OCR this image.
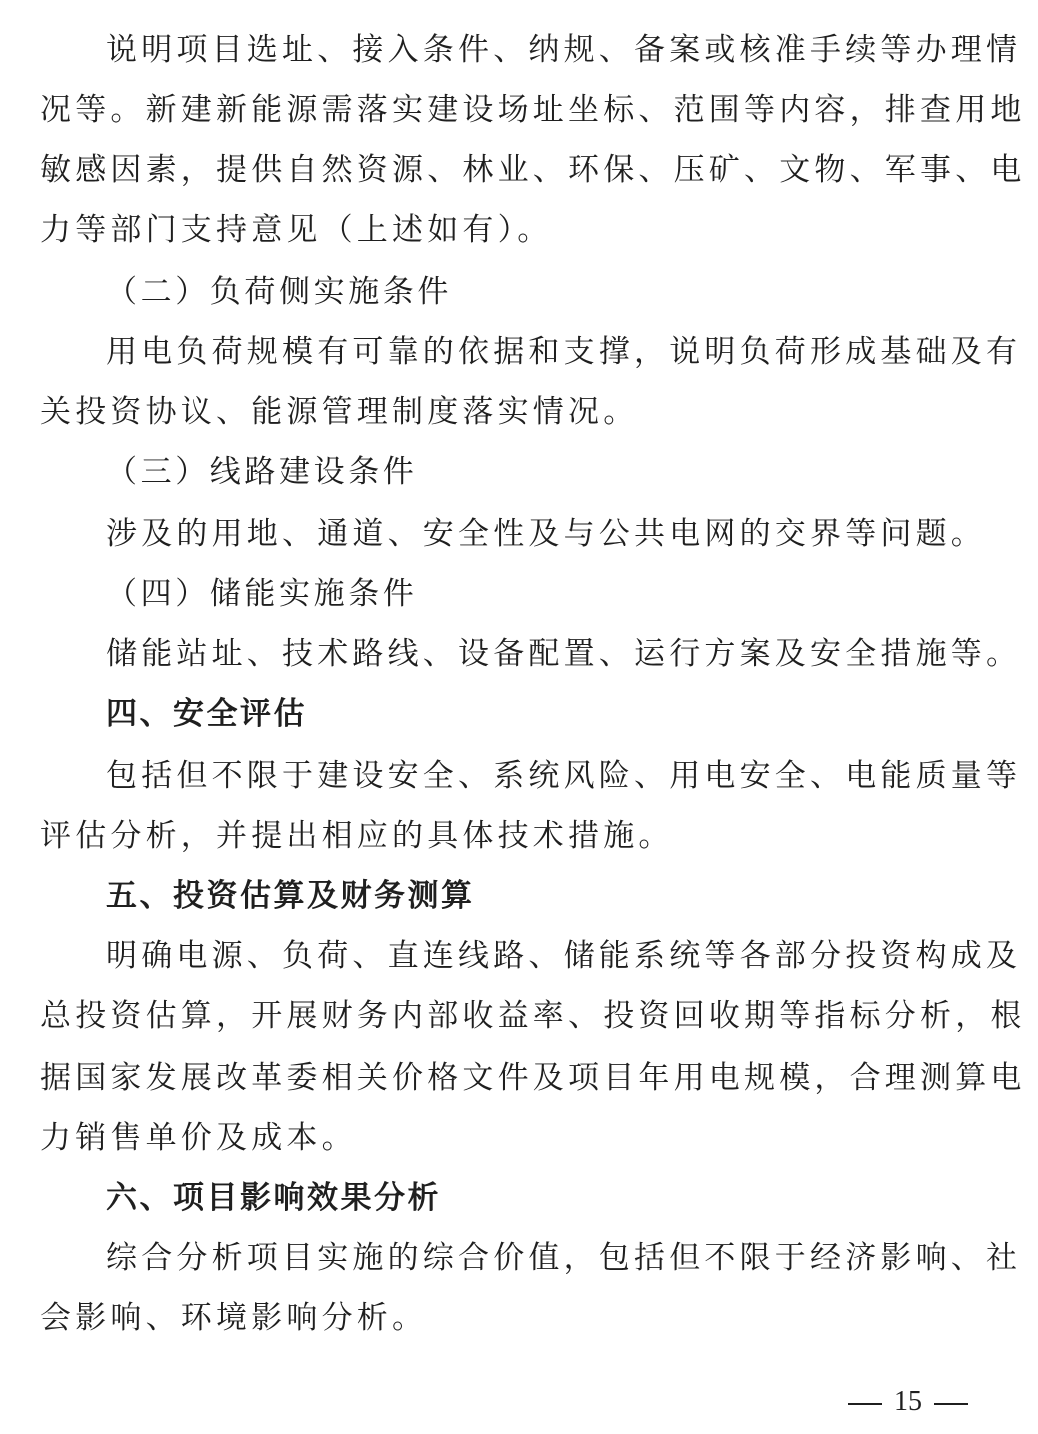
说明项目选址、接入条件、纳规、备案或核准手续等办理情
况等。新建新能源需落实建设场址坐标、范围等内容，排查用地
敏感因素，提供自然资源、林业、环保、压矿、文物、军事、电
力等部门支持意见（上述如有）。
（二）负荷侧实施条件
用电负荷规模有可靠的依据和支撑，说明负荷形成基础及有
关投资协议、能源管理制度落实情况。
（三）线路建设条件
涉及的用地、通道、安全性及与公共电网的交界等问题。
（四）储能实施条件
储能站址、技术路线、设备配置、运行方案及安全措施等。
四、安全评估
包括但不限于建设安全、系统风险、用电安全、电能质量等
评估分析，并提出相应的具体技术措施。
五、投资估算及财务测算
明确电源、负荷、直连线路、储能系统等各部分投资构成及
总投资估算，开展财务内部收益率、投资回收期等指标分析，根
据国家发展改革委相关价格文件及项目年用电规模，合理测算电
力销售单价及成本。
六、项目影响效果分析
综合分析项目实施的综合价值，包括但不限于经济影响、社
会影响、环境影响分析。
15
